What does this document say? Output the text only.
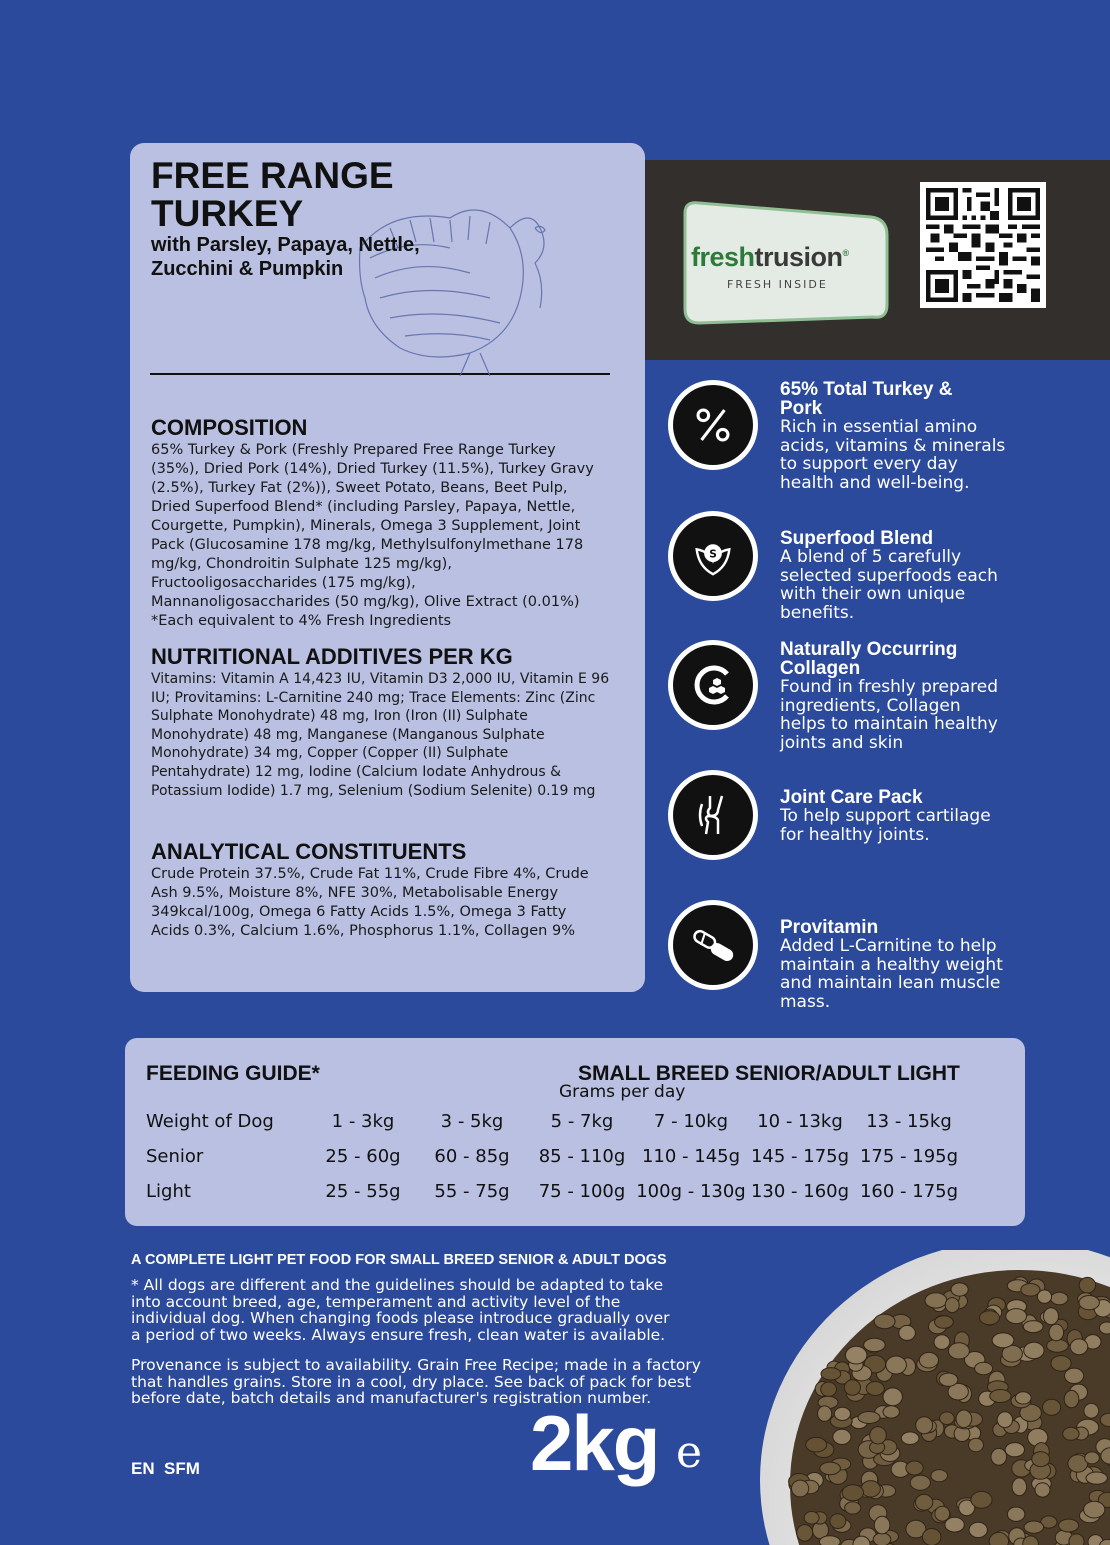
FREE RANGE
TURKEY
with Parsley, Papaya, Nettle,
Zucchini & Pumpkin
COMPOSITION
65% Turkey & Pork (Freshly Prepared Free Range Turkey
(35%), Dried Pork (14%), Dried Turkey (11.5%), Turkey Gravy
(2.5%), Turkey Fat (2%)), Sweet Potato, Beans, Beet Pulp,
Dried Superfood Blend* (including Parsley, Papaya, Nettle,
Courgette, Pumpkin), Minerals, Omega 3 Supplement, Joint
Pack (Glucosamine 178 mg/kg, Methylsulfonylmethane 178
mg/kg, Chondroitin Sulphate 125 mg/kg),
Fructooligosaccharides (175 mg/kg),
Mannanoligosaccharides (50 mg/kg), Olive Extract (0.01%)
*Each equivalent to 4% Fresh Ingredients
NUTRITIONAL ADDITIVES PER KG
Vitamins: Vitamin A 14,423 IU, Vitamin D3 2,000 IU, Vitamin E 96
IU; Provitamins: L-Carnitine 240 mg; Trace Elements: Zinc (Zinc
Sulphate Monohydrate) 48 mg, Iron (Iron (II) Sulphate
Monohydrate) 48 mg, Manganese (Manganous Sulphate
Monohydrate) 34 mg, Copper (Copper (II) Sulphate
Pentahydrate) 12 mg, Iodine (Calcium Iodate Anhydrous &
Potassium Iodide) 1.7 mg, Selenium (Sodium Selenite) 0.19 mg
ANALYTICAL CONSTITUENTS
Crude Protein 37.5%, Crude Fat 11%, Crude Fibre 4%, Crude
Ash 9.5%, Moisture 8%, NFE 30%, Metabolisable Energy
349kcal/100g, Omega 6 Fatty Acids 1.5%, Omega 3 Fatty
Acids 0.3%, Calcium 1.6%, Phosphorus 1.1%, Collagen 9%
freshtrusion®
FRESH INSIDE
65% Total Turkey &
Pork
Rich in essential amino
acids, vitamins & minerals
to support every day
health and well-being.
S
Superfood Blend
A blend of 5 carefully
selected superfoods each
with their own unique
benefits.
Naturally Occurring
Collagen
Found in freshly prepared
ingredients, Collagen
helps to maintain healthy
joints and skin
Joint Care Pack
To help support cartilage
for healthy joints.
Provitamin
Added L-Carnitine to help
maintain a healthy weight
and maintain lean muscle
mass.
FEEDING GUIDE*	SMALL BREED SENIOR/ADULT LIGHT
Grams per day
Weight of Dog	1 - 3kg	3 - 5kg	5 - 7kg	7 - 10kg	10 - 13kg	13 - 15kg
Senior	25 - 60g	60 - 85g	85 - 110g 110 - 145g 145 - 175g 175 - 195g
Light	25 - 55g	55 - 75g	75 - 100g 100g - 130g 130 - 160g 160 - 175g
A COMPLETE LIGHT PET FOOD FOR SMALL BREED SENIOR & ADULT DOGS
* All dogs are different and the guidelines should be adapted to take
into account breed, age, temperament and activity level of the
individual dog. When changing foods please introduce gradually over
a period of two weeks. Always ensure fresh, clean water is available.
Provenance is subject to availability. Grain Free Recipe; made in a factory
that handles grains. Store in a cool, dry place. See back of pack for best
before date, batch details and manufacturer's registration number.
EN  SFM	2kg e
